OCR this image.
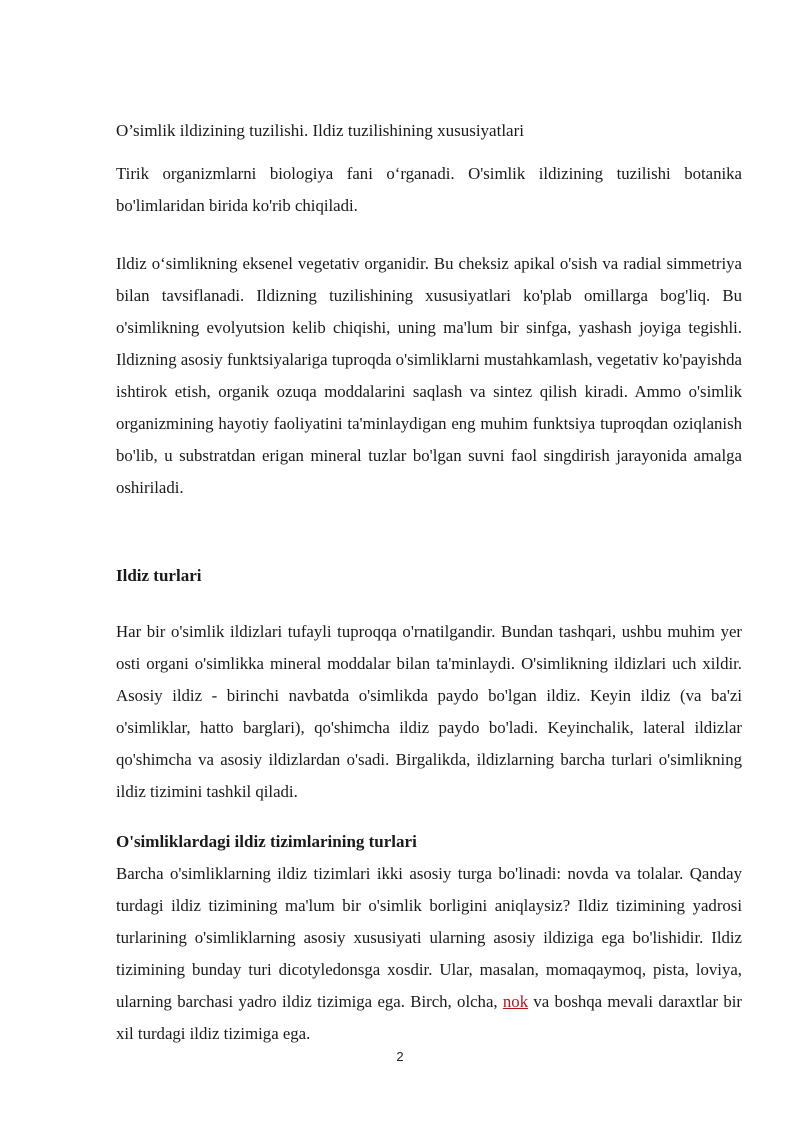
O’simlik ildizining tuzilishi. Ildiz tuzilishining xususiyatlari

Tirik organizmlarni biologiya fani o‘rganadi. O'simlik ildizining tuzilishi botanika bo'limlaridan birida ko'rib chiqiladi.

Ildiz o‘simlikning eksenel vegetativ organidir. Bu cheksiz apikal o'sish va radial simmetriya bilan tavsiflanadi. Ildizning tuzilishining xususiyatlari ko'plab omillarga bog'liq. Bu o'simlikning evolyutsion kelib chiqishi, uning ma'lum bir sinfga, yashash joyiga tegishli. Ildizning asosiy funktsiyalariga tuproqda o'simliklarni mustahkamlash, vegetativ ko'payishda ishtirok etish, organik ozuqa moddalarini saqlash va sintez qilish kiradi. Ammo o'simlik organizmining hayotiy faoliyatini ta'minlaydigan eng muhim funktsiya tuproqdan oziqlanish bo'lib, u substratdan erigan mineral tuzlar bo'lgan suvni faol singdirish jarayonida amalga oshiriladi.

Ildiz turlari

Har bir o'simlik ildizlari tufayli tuproqqa o'rnatilgandir. Bundan tashqari, ushbu muhim yer osti organi o'simlikka mineral moddalar bilan ta'minlaydi. O'simlikning ildizlari uch xildir. Asosiy ildiz - birinchi navbatda o'simlikda paydo bo'lgan ildiz. Keyin ildiz (va ba'zi o'simliklar, hatto barglari), qo'shimcha ildiz paydo bo'ladi. Keyinchalik, lateral ildizlar qo'shimcha va asosiy ildizlardan o'sadi. Birgalikda, ildizlarning barcha turlari o'simlikning ildiz tizimini tashkil qiladi.

O'simliklardagi ildiz tizimlarining turlari

Barcha o'simliklarning ildiz tizimlari ikki asosiy turga bo'linadi: novda va tolalar. Qanday turdagi ildiz tizimining ma'lum bir o'simlik borligini aniqlaysiz? Ildiz tizimining yadrosi turlarining o'simliklarning asosiy xususiyati ularning asosiy ildiziga ega bo'lishidir. Ildiz tizimining bunday turi dicotyledonsga xosdir. Ular, masalan, momaqaymoq, pista, loviya, ularning barchasi yadro ildiz tizimiga ega. Birch, olcha, nok va boshqa mevali daraxtlar bir xil turdagi ildiz tizimiga ega.

2
